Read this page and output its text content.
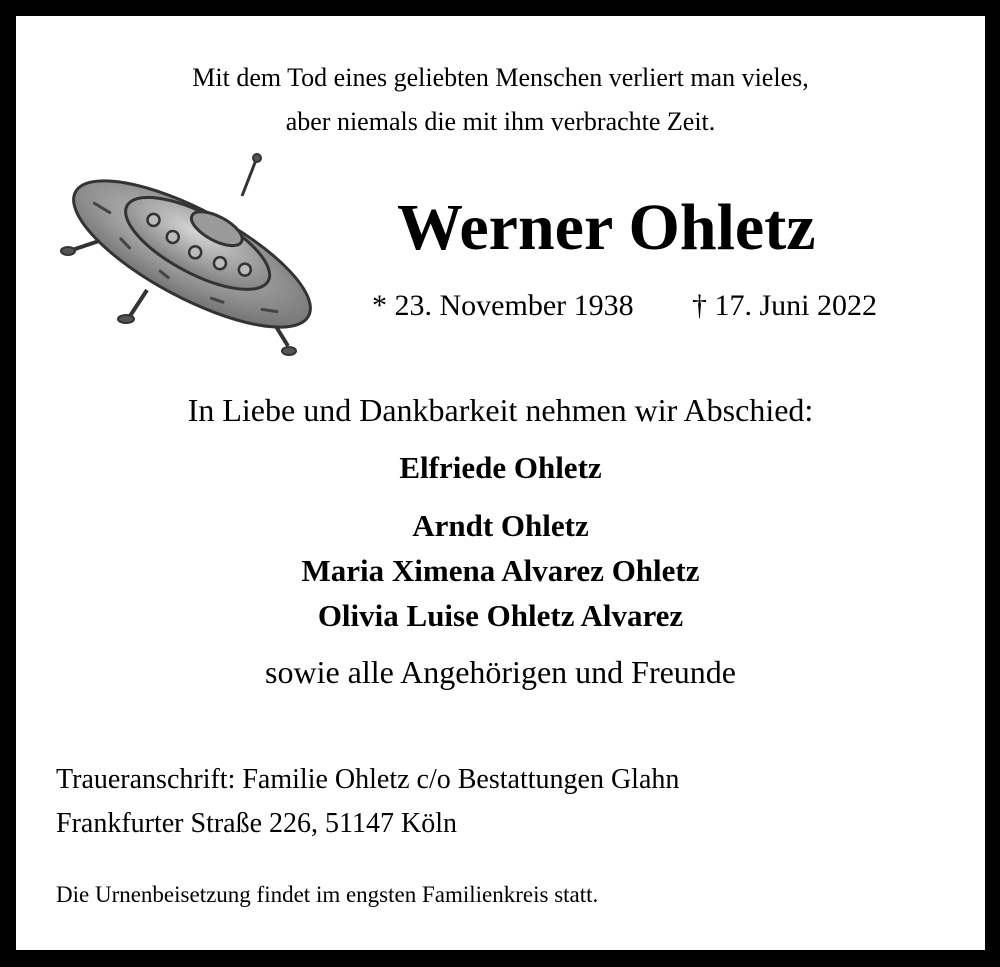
Mit dem Tod eines geliebten Menschen verliert man vieles,
aber niemals die mit ihm verbrachte Zeit.
Werner Ohletz
* 23. November 1938 † 17. Juni 2022
In Liebe und Dankbarkeit nehmen wir Abschied:
Elfriede Ohletz
Arndt Ohletz
Maria Ximena Alvarez Ohletz
Olivia Luise Ohletz Alvarez
sowie alle Angehörigen und Freunde
Traueranschrift: Familie Ohletz c/o Bestattungen Glahn
Frankfurter Straße 226, 51147 Köln
Die Urnenbeisetzung findet im engsten Familienkreis statt.
